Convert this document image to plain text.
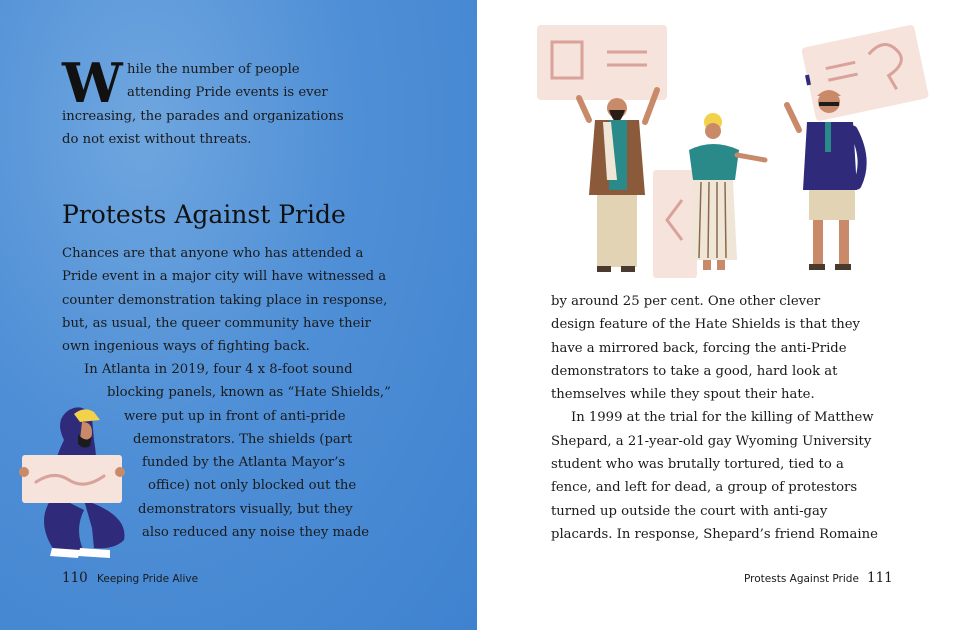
W hile the number of people
attending Pride events is ever
increasing, the parades and organizations
do not exist without threats.
Protests Against Pride
Chances are that anyone who has attended a
Pride event in a major city will have witnessed a
counter demonstration taking place in response,
but, as usual, the queer community have their
own ingenious ways of fighting back.
In Atlanta in 2019, four 4 x 8-foot sound
blocking panels, known as “Hate Shields,”
were put up in front of anti-pride
demonstrators. The shields (part
funded by the Atlanta Mayor’s
office) not only blocked out the
demonstrators visually, but they
also reduced any noise they made
110 Keeping Pride Alive
by around 25 per cent. One other clever
design feature of the Hate Shields is that they
have a mirrored back, forcing the anti-Pride
demonstrators to take a good, hard look at
themselves while they spout their hate.
In 1999 at the trial for the killing of Matthew
Shepard, a 21-year-old gay Wyoming University
student who was brutally tortured, tied to a
fence, and left for dead, a group of protestors
turned up outside the court with anti-gay
placards. In response, Shepard’s friend Romaine
Protests Against Pride 111
